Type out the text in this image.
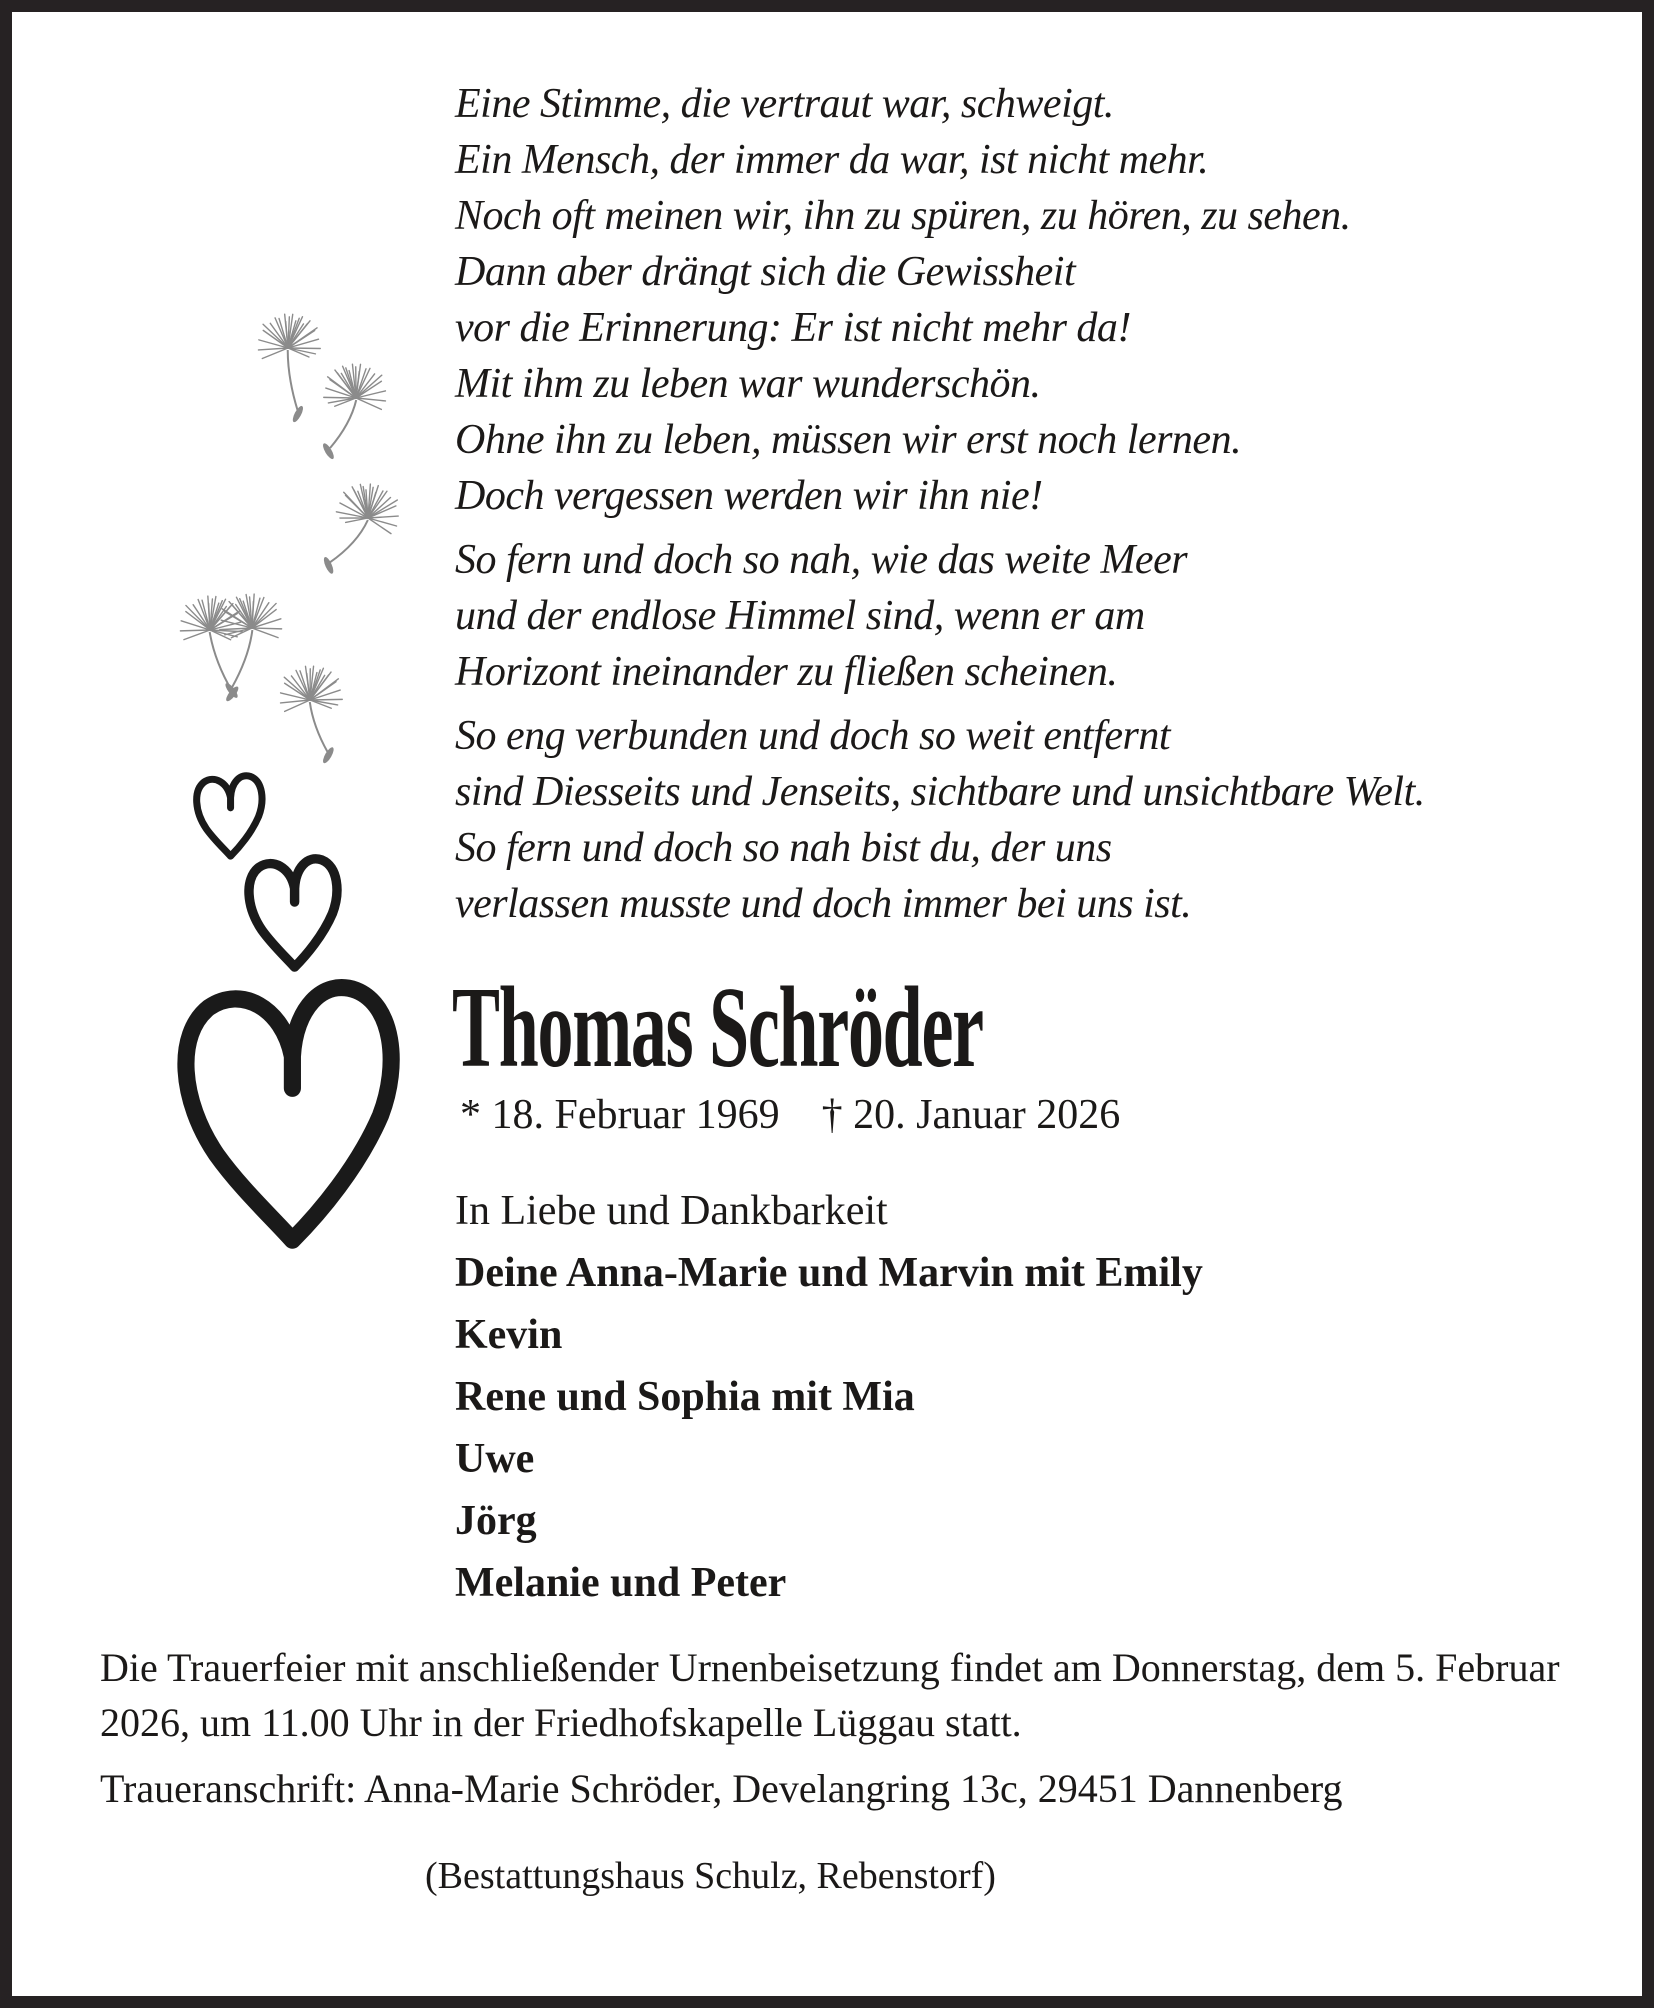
Eine Stimme, die vertraut war, schweigt.
Ein Mensch, der immer da war, ist nicht mehr.
Noch oft meinen wir, ihn zu spüren, zu hören, zu sehen.
Dann aber drängt sich die Gewissheit
vor die Erinnerung: Er ist nicht mehr da!
Mit ihm zu leben war wunderschön.
Ohne ihn zu leben, müssen wir erst noch lernen.
Doch vergessen werden wir ihn nie!
So fern und doch so nah, wie das weite Meer
und der endlose Himmel sind, wenn er am
Horizont ineinander zu fließen scheinen.
So eng verbunden und doch so weit entfernt
sind Diesseits und Jenseits, sichtbare und unsichtbare Welt.
So fern und doch so nah bist du, der uns
verlassen musste und doch immer bei uns ist.
Thomas Schröder
* 18. Februar 1969 † 20. Januar 2026
In Liebe und Dankbarkeit
Deine Anna-Marie und Marvin mit Emily
Kevin
Rene und Sophia mit Mia
Uwe
Jörg
Melanie und Peter
Die Trauerfeier mit anschließender Urnenbeisetzung findet am Donnerstag, dem 5. Februar 2026, um 11.00 Uhr in der Friedhofskapelle Lüggau statt.
Traueranschrift: Anna-Marie Schröder, Develangring 13c, 29451 Dannenberg
(Bestattungshaus Schulz, Rebenstorf)
